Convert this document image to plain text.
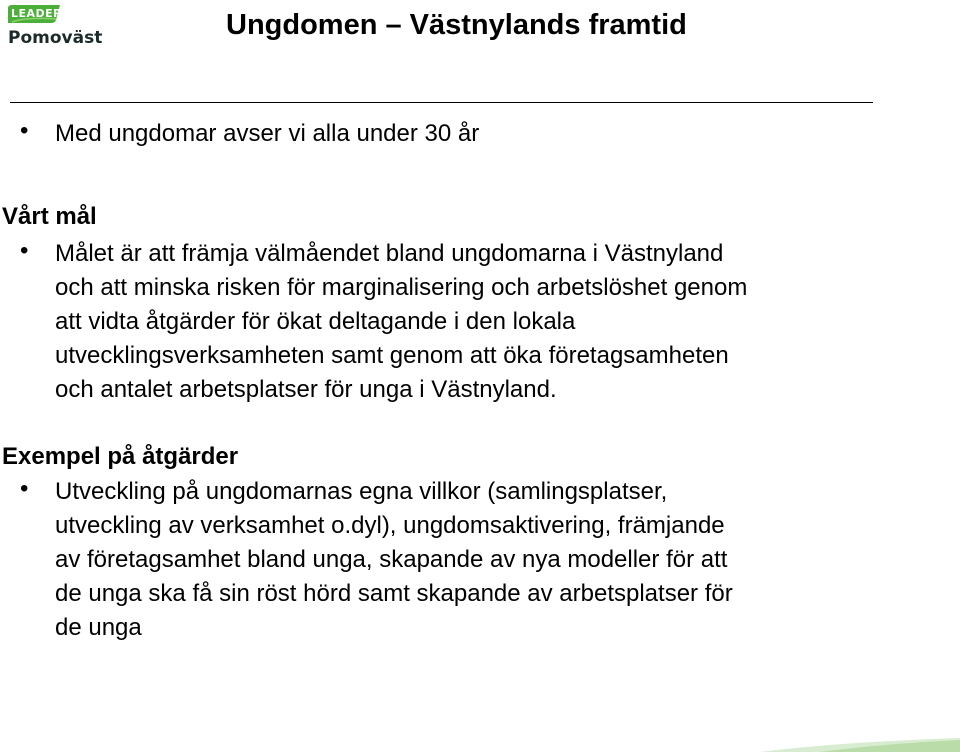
LEADER
Pomoväst	Ungdomen – Västnylands framtid
• Med ungdomar avser vi alla under 30 år
Vårt mål
• Målet är att främja välmåendet bland ungdomarna i Västnyland
och att minska risken för marginalisering och arbetslöshet genom
att vidta åtgärder för ökat deltagande i den lokala
utvecklingsverksamheten samt genom att öka företagsamheten
och antalet arbetsplatser för unga i Västnyland.
Exempel på åtgärder
• Utveckling på ungdomarnas egna villkor (samlingsplatser,
utveckling av verksamhet o.dyl), ungdomsaktivering, främjande
av företagsamhet bland unga, skapande av nya modeller för att
de unga ska få sin röst hörd samt skapande av arbetsplatser för
de unga
